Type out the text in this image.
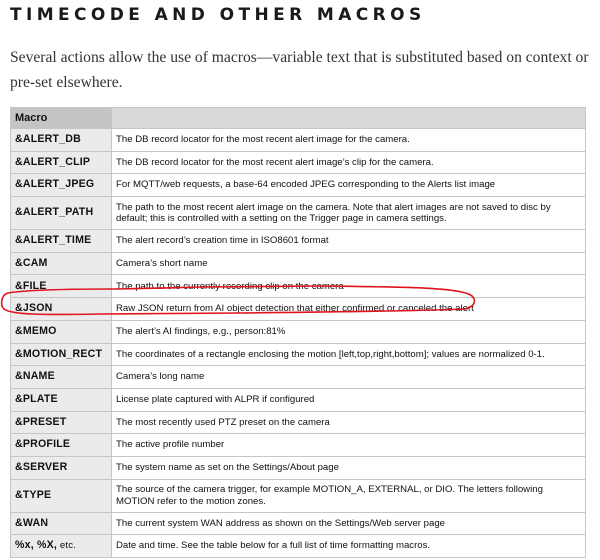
TIMECODE AND OTHER MACROS

Several actions allow the use of macros—variable text that is substituted based on context or pre-set elsewhere.

Macro	
&ALERT_DB	The DB record locator for the most recent alert image for the camera.
&ALERT_CLIP	The DB record locator for the most recent alert image’s clip for the camera.
&ALERT_JPEG	For MQTT/web requests, a base-64 encoded JPEG corresponding to the Alerts list image
&ALERT_PATH	The path to the most recent alert image on the camera. Note that alert images are not saved to disc by default; this is controlled with a setting on the Trigger page in camera settings.
&ALERT_TIME	The alert record’s creation time in ISO8601 format
&CAM	Camera’s short name
&FILE	The path to the currently recording clip on the camera
&JSON	Raw JSON return from AI object detection that either confirmed or canceled the alert
&MEMO	The alert’s AI findings, e.g., person:81%
&MOTION_RECT	The coordinates of a rectangle enclosing the motion [left,top,right,bottom]; values are normalized 0-1.
&NAME	Camera’s long name
&PLATE	License plate captured with ALPR if configured
&PRESET	The most recently used PTZ preset on the camera
&PROFILE	The active profile number
&SERVER	The system name as set on the Settings/About page
&TYPE	The source of the camera trigger, for example MOTION_A, EXTERNAL, or DIO. The letters following MOTION refer to the motion zones.
&WAN	The current system WAN address as shown on the Settings/Web server page
%x, %X, etc.	Date and time. See the table below for a full list of time formatting macros.
